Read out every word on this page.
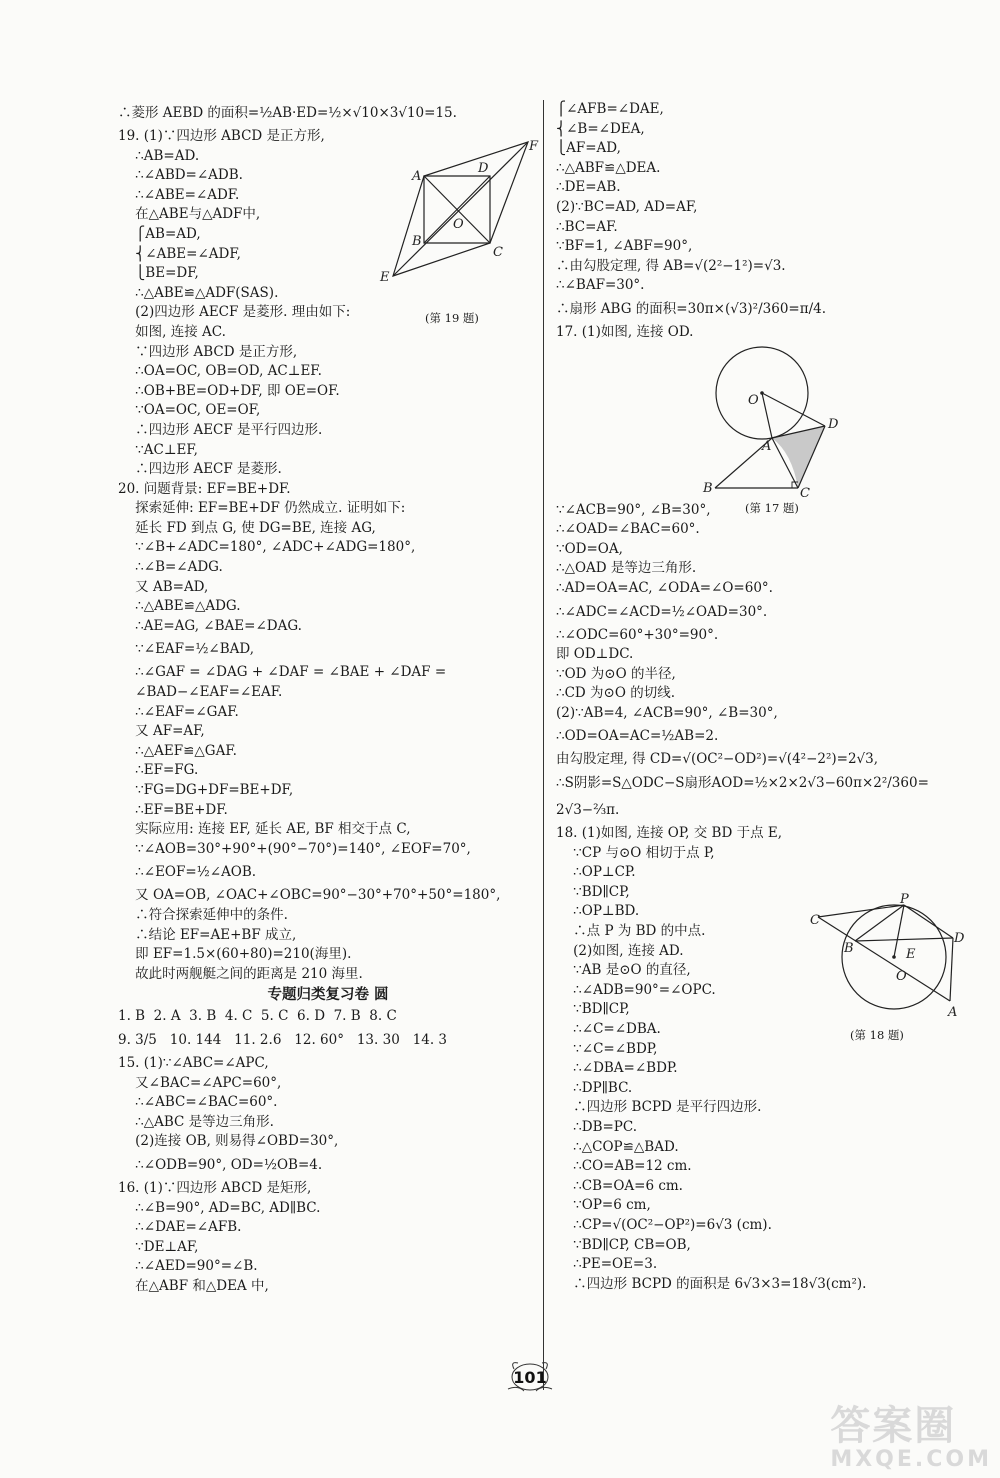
∴菱形 AEBD 的面积=½AB·ED=½×√10×3√10=15.
19. (1)∵四边形 ABCD 是正方形,
∴AB=AD.
∴∠ABD=∠ADB.
∴∠ABE=∠ADF.
在△ABE与△ADF中,
⎧AB=AD,
⎨∠ABE=∠ADF,
⎩BE=DF,
∴△ABE≌△ADF(SAS).
(2)四边形 AECF 是菱形. 理由如下:
如图, 连接 AC.
∵四边形 ABCD 是正方形,
∴OA=OC, OB=OD, AC⊥EF.
∴OB+BE=OD+DF, 即 OE=OF.
∵OA=OC, OE=OF,
∴四边形 AECF 是平行四边形.
∵AC⊥EF,
∴四边形 AECF 是菱形.
20. 问题背景: EF=BE+DF.
探索延伸: EF=BE+DF 仍然成立. 证明如下:
延长 FD 到点 G, 使 DG=BE, 连接 AG,
∵∠B+∠ADC=180°, ∠ADC+∠ADG=180°,
∴∠B=∠ADG.
又 AB=AD,
∴△ABE≌△ADG.
∴AE=AG, ∠BAE=∠DAG.
∵∠EAF=½∠BAD,
∴∠GAF = ∠DAG + ∠DAF = ∠BAE + ∠DAF =
∠BAD−∠EAF=∠EAF.
∴∠EAF=∠GAF.
又 AF=AF,
∴△AEF≌△GAF.
∴EF=FG.
∵FG=DG+DF=BE+DF,
∴EF=BE+DF.
实际应用: 连接 EF, 延长 AE, BF 相交于点 C,
∵∠AOB=30°+90°+(90°−70°)=140°, ∠EOF=70°,
∴∠EOF=½∠AOB.
又 OA=OB, ∠OAC+∠OBC=90°−30°+70°+50°=180°,
∴符合探索延伸中的条件.
∴结论 EF=AE+BF 成立,
即 EF=1.5×(60+80)=210(海里).
故此时两舰艇之间的距离是 210 海里.
专题归类复习卷 圆
1. B  2. A  3. B  4. C  5. C  6. D  7. B  8. C
9. 3/5   10. 144   11. 2.6   12. 60°   13. 30   14. 3
15. (1)∵∠ABC=∠APC,
又∠BAC=∠APC=60°,
∴∠ABC=∠BAC=60°.
∴△ABC 是等边三角形.
(2)连接 OB, 则易得∠OBD=30°,
∴∠ODB=90°, OD=½OB=4.
16. (1)∵四边形 ABCD 是矩形,
∴∠B=90°, AD=BC, AD∥BC.
∴∠DAE=∠AFB.
∵DE⊥AF,
∴∠AED=90°=∠B.
在△ABF 和△DEA 中,
⎧∠AFB=∠DAE,
⎨∠B=∠DEA,
⎩AF=AD,
∴△ABF≌△DEA.
∴DE=AB.
(2)∵BC=AD, AD=AF,
∴BC=AF.
∵BF=1, ∠ABF=90°,
∴由勾股定理, 得 AB=√(2²−1²)=√3.
∴∠BAF=30°.
∴扇形 ABG 的面积=30π×(√3)²/360=π/4.
17. (1)如图, 连接 OD.
∵∠ACB=90°, ∠B=30°,
∴∠OAD=∠BAC=60°.
∵OD=OA,
∴△OAD 是等边三角形.
∴AD=OA=AC, ∠ODA=∠O=60°.
∴∠ADC=∠ACD=½∠OAD=30°.
∴∠ODC=60°+30°=90°.
即 OD⊥DC.
∵OD 为⊙O 的半径,
∴CD 为⊙O 的切线.
(2)∵AB=4, ∠ACB=90°, ∠B=30°,
∴OD=OA=AC=½AB=2.
由勾股定理, 得 CD=√(OC²−OD²)=√(4²−2²)=2√3,
∴S阴影=S△ODC−S扇形AOD=½×2×2√3−60π×2²/360=
2√3−⅔π.
18. (1)如图, 连接 OP, 交 BD 于点 E,
∵CP 与⊙O 相切于点 P,
∴OP⊥CP.
∵BD∥CP,
∴OP⊥BD.
∴点 P 为 BD 的中点.
(2)如图, 连接 AD.
∵AB 是⊙O 的直径,
∴∠ADB=90°=∠OPC.
∵BD∥CP,
∴∠C=∠DBA.
∵∠C=∠BDP,
∴∠DBA=∠BDP.
∴DP∥BC.
∴四边形 BCPD 是平行四边形.
∴DB=PC.
∴△COP≌△BAD.
∴CO=AB=12 cm.
∴CB=OA=6 cm.
∵OP=6 cm,
∴CP=√(OC²−OP²)=6√3 (cm).
∵BD∥CP, CB=OB,
∴PE=OE=3.
∴四边形 BCPD 的面积是 6√3×3=18√3(cm²).
A
D
B
C
E
F
O
(第 19 题)
O
A
D
B	C
(第 17 题)
C
P
D
B	E
O
A
(第 18 题)
101
答案圈
MXQE.COM
